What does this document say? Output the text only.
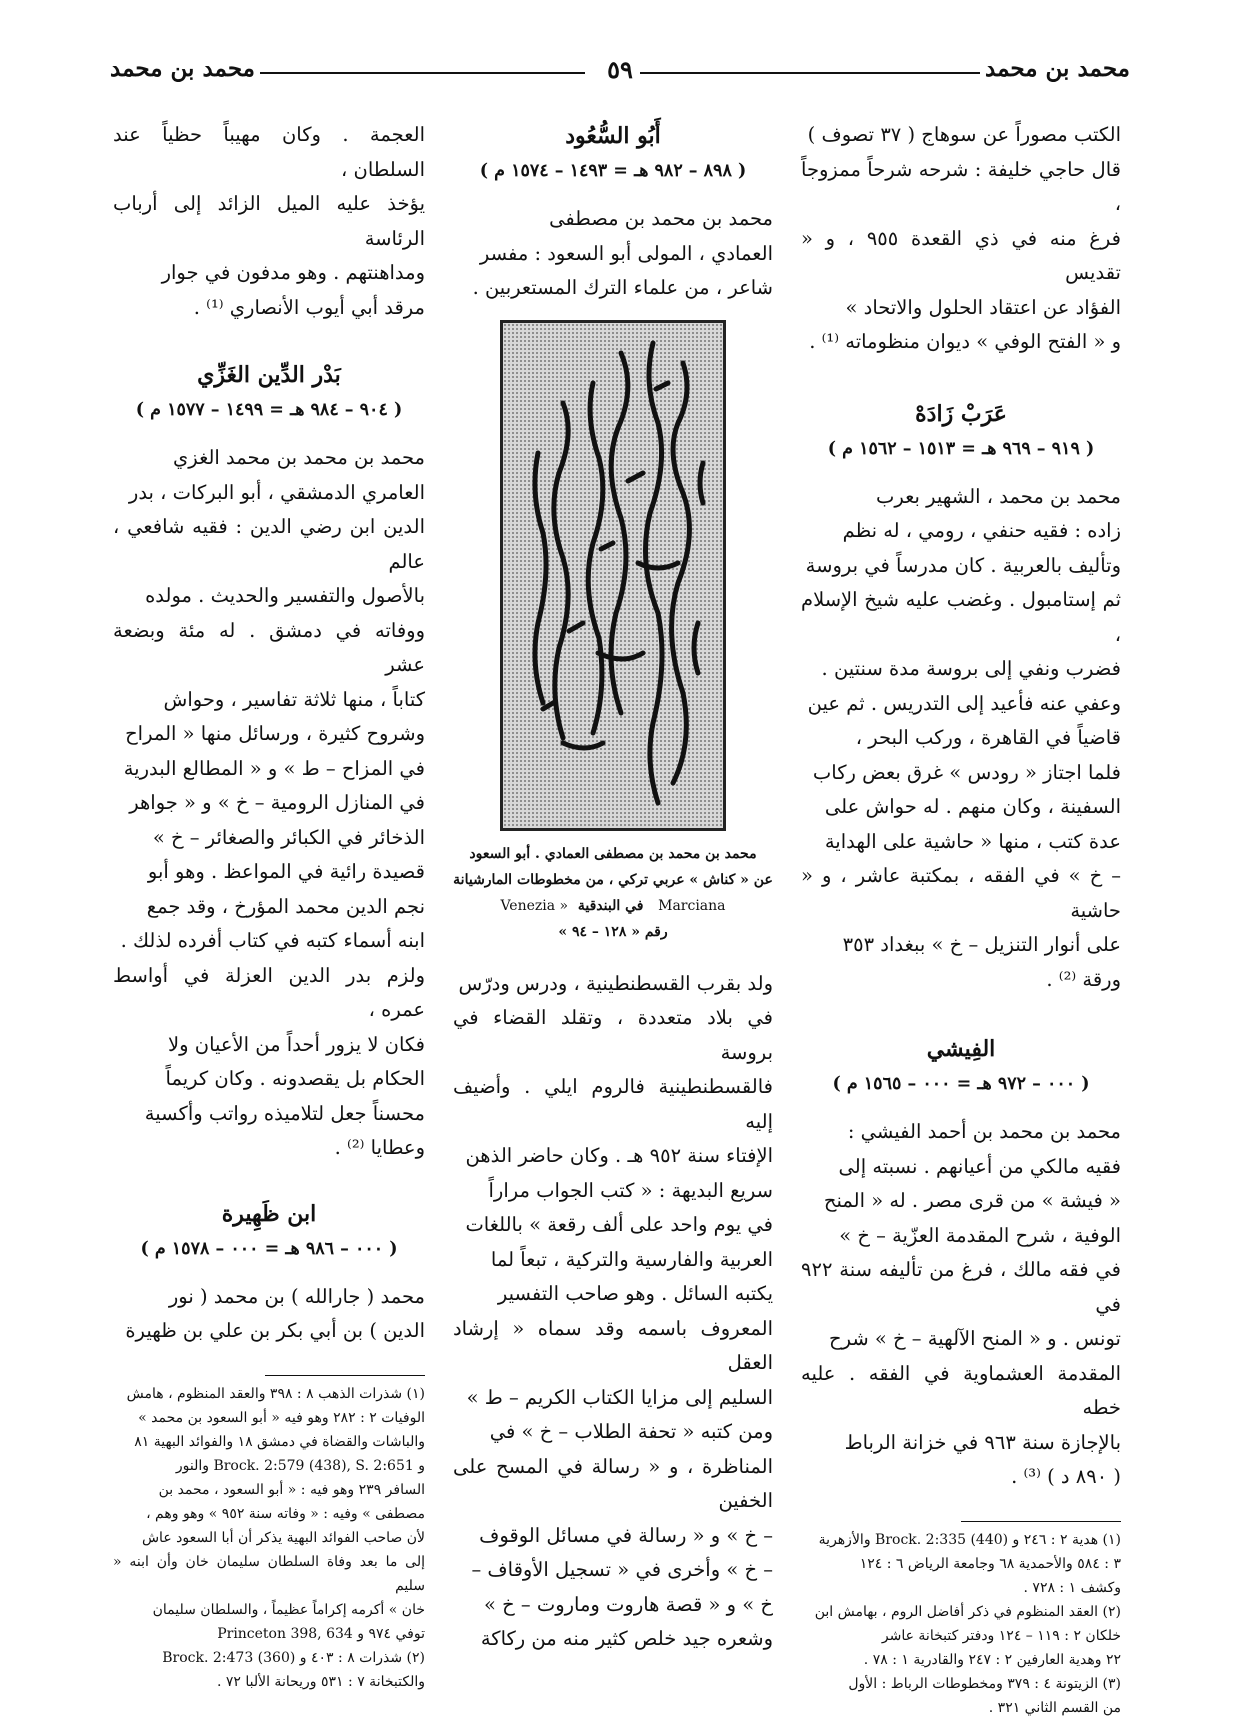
محمد بن محمد
٥٩
محمد بن محمد

الكتب مصوراً عن سوهاج ( ٣٧ تصوف )

قال حاجي خليفة : شرحه شرحاً ممزوجاً ،

فرغ منه في ذي القعدة ٩٥٥ ، و « تقديس

الفؤاد عن اعتقاد الحلول والاتحاد »

و « الفتح الوفي » ديوان منظوماته ⁽¹⁾ .

عَرَبْ زَادَهْ

( ٩١٩ – ٩٦٩ هـ = ١٥١٣ – ١٥٦٢ م )

محمد بن محمد ، الشهير بعرب

زاده : فقيه حنفي ، رومي ، له نظم

وتأليف بالعربية . كان مدرساً في بروسة

ثم إستامبول . وغضب عليه شيخ الإسلام ،

فضرب ونفي إلى بروسة مدة سنتين .

وعفي عنه فأعيد إلى التدريس . ثم عين

قاضياً في القاهرة ، وركب البحر ،

فلما اجتاز « رودس » غرق بعض ركاب

السفينة ، وكان منهم . له حواش على

عدة كتب ، منها « حاشية على الهداية

– خ » في الفقه ، بمكتبة عاشر ، و « حاشية

على أنوار التنزيل – خ » ببغداد ٣٥٣

ورقة ⁽²⁾ .

الفِيشي

( ٠٠٠ – ٩٧٢ هـ = ٠٠٠ – ١٥٦٥ م )

محمد بن محمد بن أحمد الفيشي :

فقيه مالكي من أعيانهم . نسبته إلى

« فيشة » من قرى مصر . له « المنح

الوفية ، شرح المقدمة العزّية – خ »

في فقه مالك ، فرغ من تأليفه سنة ٩٢٢ في

تونس . و « المنح الآلهية – خ » شرح

المقدمة العشماوية في الفقه . عليه خطه

بالإجازة سنة ٩٦٣ في خزانة الرباط

( ٨٩٠ د ) ⁽³⁾ .

(١) هدية ٢ : ٢٤٦ و Brock. 2:335 (440) والأزهرية

٣ : ٥٨٤ والأحمدية ٦٨ وجامعة الرياض ٦ : ١٢٤

وكشف ١ : ٧٢٨ .

(٢) العقد المنظوم في ذكر أفاضل الروم ، بهامش ابن

خلكان ٢ : ١١٩ – ١٢٤ ودفتر كتبخانة عاشر

٢٢ وهدية العارفين ٢ : ٢٤٧ والقادرية ١ : ٧٨ .

(٣) الزيتونة ٤ : ٣٧٩ ومخطوطات الرباط : الأول

من القسم الثاني ٣٢١ .

أَبُو السُّعُود

( ٨٩٨ – ٩٨٢ هـ = ١٤٩٣ – ١٥٧٤ م )

محمد بن محمد بن مصطفى

العمادي ، المولى أبو السعود : مفسر

شاعر ، من علماء الترك المستعربين .

محمد بن محمد بن مصطفى العمادي . أبو السعود

عن « كناش » عربي تركي ، من مخطوطات المارشيانة

Marciana   في البندقية  « Venezia

رقم « ١٢٨ – ٩٤ »

ولد بقرب القسطنطينية ، ودرس ودرّس

في بلاد متعددة ، وتقلد القضاء في بروسة

فالقسطنطينية فالروم ايلي . وأضيف إليه

الإفتاء سنة ٩٥٢ هـ . وكان حاضر الذهن

سريع البديهة : « كتب الجواب مراراً

في يوم واحد على ألف رقعة » باللغات

العربية والفارسية والتركية ، تبعاً لما

يكتبه السائل . وهو صاحب التفسير

المعروف باسمه وقد سماه « إرشاد العقل

السليم إلى مزايا الكتاب الكريم – ط »

ومن كتبه « تحفة الطلاب – خ » في

المناظرة ، و « رسالة في المسح على الخفين

– خ » و « رسالة في مسائل الوقوف

– خ » وأخرى في « تسجيل الأوقاف –

خ » و « قصة هاروت وماروت – خ »

وشعره جيد خلص كثير منه من ركاكة

العجمة . وكان مهيباً حظياً عند السلطان ،

يؤخذ عليه الميل الزائد إلى أرباب الرئاسة

ومداهنتهم . وهو مدفون في جوار

مرقد أبي أيوب الأنصاري ⁽¹⁾ .

بَدْر الدِّين الغَزِّي

( ٩٠٤ – ٩٨٤ هـ = ١٤٩٩ – ١٥٧٧ م )

محمد بن محمد بن محمد الغزي

العامري الدمشقي ، أبو البركات ، بدر

الدين ابن رضي الدين : فقيه شافعي ، عالم

بالأصول والتفسير والحديث . مولده

ووفاته في دمشق . له مئة وبضعة عشر

كتاباً ، منها ثلاثة تفاسير ، وحواش

وشروح كثيرة ، ورسائل منها « المراح

في المزاح – ط » و « المطالع البدرية

في المنازل الرومية – خ » و « جواهر

الذخائر في الكبائر والصغائر – خ »

قصيدة رائية في المواعظ . وهو أبو

نجم الدين محمد المؤرخ ، وقد جمع

ابنه أسماء كتبه في كتاب أفرده لذلك .

ولزم بدر الدين العزلة في أواسط عمره ،

فكان لا يزور أحداً من الأعيان ولا

الحكام بل يقصدونه . وكان كريماً

محسناً جعل لتلاميذه رواتب وأكسية

وعطايا ⁽²⁾ .

ابن ظَهِيرة

( ٠٠٠ – ٩٨٦ هـ = ٠٠٠ – ١٥٧٨ م )

محمد ( جارالله ) بن محمد ( نور

الدين ) بن أبي بكر بن علي بن ظهيرة

(١) شذرات الذهب ٨ : ٣٩٨ والعقد المنظوم ، هامش

الوفيات ٢ : ٢٨٢ وهو فيه « أبو السعود بن محمد »

والباشات والقضاة في دمشق ١٨ والفوائد البهية ٨١

و Brock. 2:579 (438), S. 2:651 والنور

السافر ٢٣٩ وهو فيه : « أبو السعود ، محمد بن

مصطفى » وفيه : « وفاته سنة ٩٥٢ » وهو وهم ،

لأن صاحب الفوائد البهية يذكر أن أبا السعود عاش

إلى ما بعد وفاة السلطان سليمان خان وأن ابنه « سليم

خان » أكرمه إكراماً عظيماً ، والسلطان سليمان

توفي ٩٧٤ و Princeton 398, 634

(٢) شذرات ٨ : ٤٠٣ و Brock. 2:473 (360)

والكتبخانة ٧ : ٥٣١ وريحانة الألبا ٧٢ .
